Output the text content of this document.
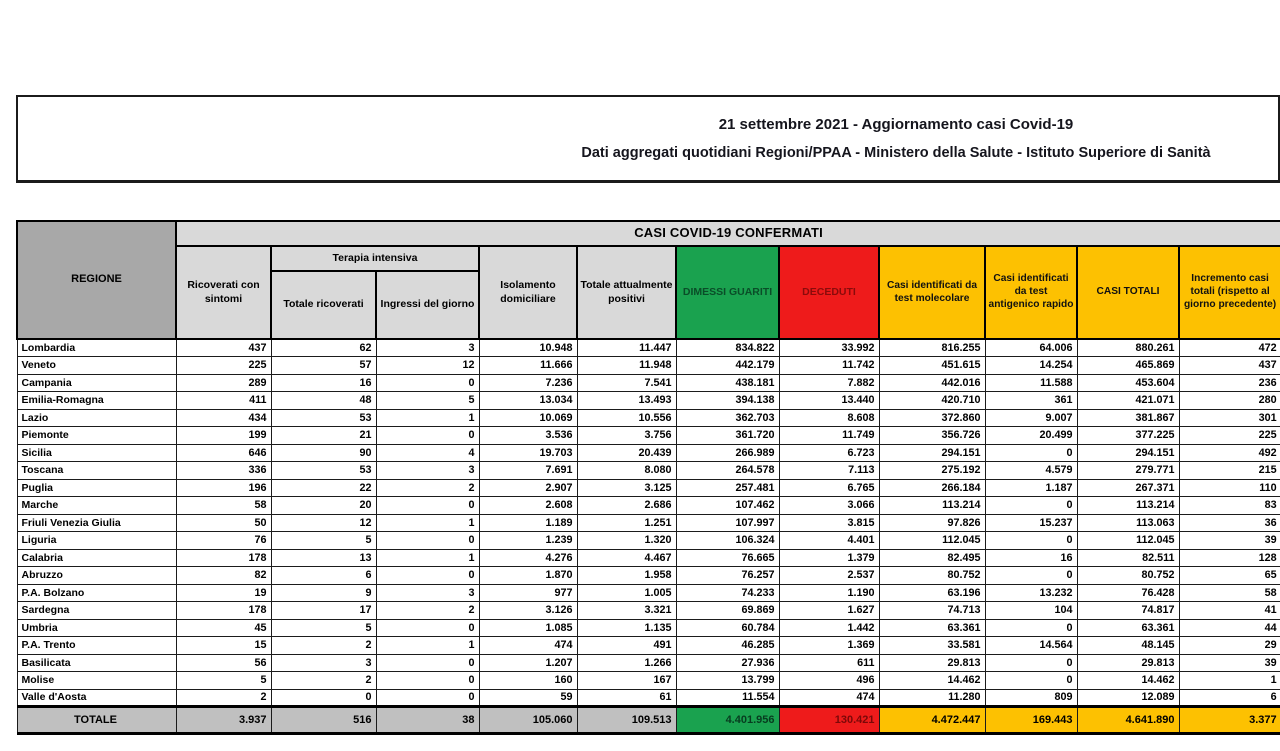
21 settembre 2021 - Aggiornamento casi Covid-19
Dati aggregati quotidiani Regioni/PPAA - Ministero della Salute - Istituto Superiore di Sanità
REGIONE	CASI COVID-19 CONFERMATI										
	Ricoverati con sintomi	Terapia intensiva		Isolamento domiciliare	Totale attualmente positivi	DIMESSI GUARITI	DECEDUTI	Casi identificati da test molecolare	Casi identificati da test antigenico rapido	CASI TOTALI	Incremento casi totali (rispetto al giorno precedente)
		Totale ricoverati	Ingressi del giorno								
Lombardia	437	62	3	10.948	11.447	834.822	33.992	816.255	64.006	880.261	472
Veneto	225	57	12	11.666	11.948	442.179	11.742	451.615	14.254	465.869	437
Campania	289	16	0	7.236	7.541	438.181	7.882	442.016	11.588	453.604	236
Emilia-Romagna	411	48	5	13.034	13.493	394.138	13.440	420.710	361	421.071	280
Lazio	434	53	1	10.069	10.556	362.703	8.608	372.860	9.007	381.867	301
Piemonte	199	21	0	3.536	3.756	361.720	11.749	356.726	20.499	377.225	225
Sicilia	646	90	4	19.703	20.439	266.989	6.723	294.151	0	294.151	492
Toscana	336	53	3	7.691	8.080	264.578	7.113	275.192	4.579	279.771	215
Puglia	196	22	2	2.907	3.125	257.481	6.765	266.184	1.187	267.371	110
Marche	58	20	0	2.608	2.686	107.462	3.066	113.214	0	113.214	83
Friuli Venezia Giulia	50	12	1	1.189	1.251	107.997	3.815	97.826	15.237	113.063	36
Liguria	76	5	0	1.239	1.320	106.324	4.401	112.045	0	112.045	39
Calabria	178	13	1	4.276	4.467	76.665	1.379	82.495	16	82.511	128
Abruzzo	82	6	0	1.870	1.958	76.257	2.537	80.752	0	80.752	65
P.A. Bolzano	19	9	3	977	1.005	74.233	1.190	63.196	13.232	76.428	58
Sardegna	178	17	2	3.126	3.321	69.869	1.627	74.713	104	74.817	41
Umbria	45	5	0	1.085	1.135	60.784	1.442	63.361	0	63.361	44
P.A. Trento	15	2	1	474	491	46.285	1.369	33.581	14.564	48.145	29
Basilicata	56	3	0	1.207	1.266	27.936	611	29.813	0	29.813	39
Molise	5	2	0	160	167	13.799	496	14.462	0	14.462	1
Valle d'Aosta	2	0	0	59	61	11.554	474	11.280	809	12.089	6
TOTALE	3.937	516	38	105.060	109.513	4.401.956	130.421	4.472.447	169.443	4.641.890	3.377
